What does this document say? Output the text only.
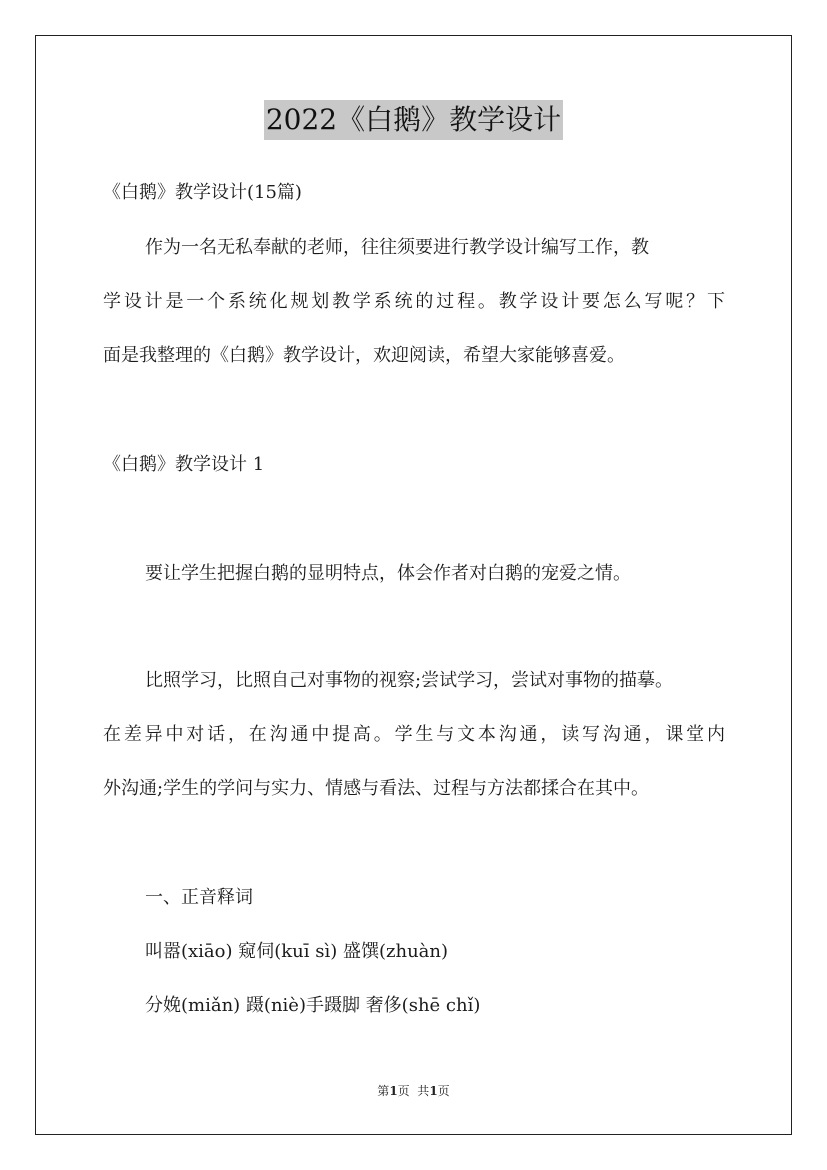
2022《白鹅》教学设计
《白鹅》教学设计(15篇)
作为一名无私奉献的老师，往往须要进行教学设计编写工作，教
学设计是一个系统化规划教学系统的过程。教学设计要怎么写呢？下
面是我整理的《白鹅》教学设计，欢迎阅读，希望大家能够喜爱。
《白鹅》教学设计 1
要让学生把握白鹅的显明特点，体会作者对白鹅的宠爱之情。
比照学习，比照自己对事物的视察;尝试学习，尝试对事物的描摹。
在差异中对话，在沟通中提高。学生与文本沟通，读写沟通，课堂内
外沟通;学生的学问与实力、情感与看法、过程与方法都揉合在其中。
一、正音释词
叫嚣(xiāo) 窥伺(kuī sì) 盛馔(zhuàn)
分娩(miǎn) 蹑(niè)手蹑脚 奢侈(shē chǐ)
第1页  共1页
